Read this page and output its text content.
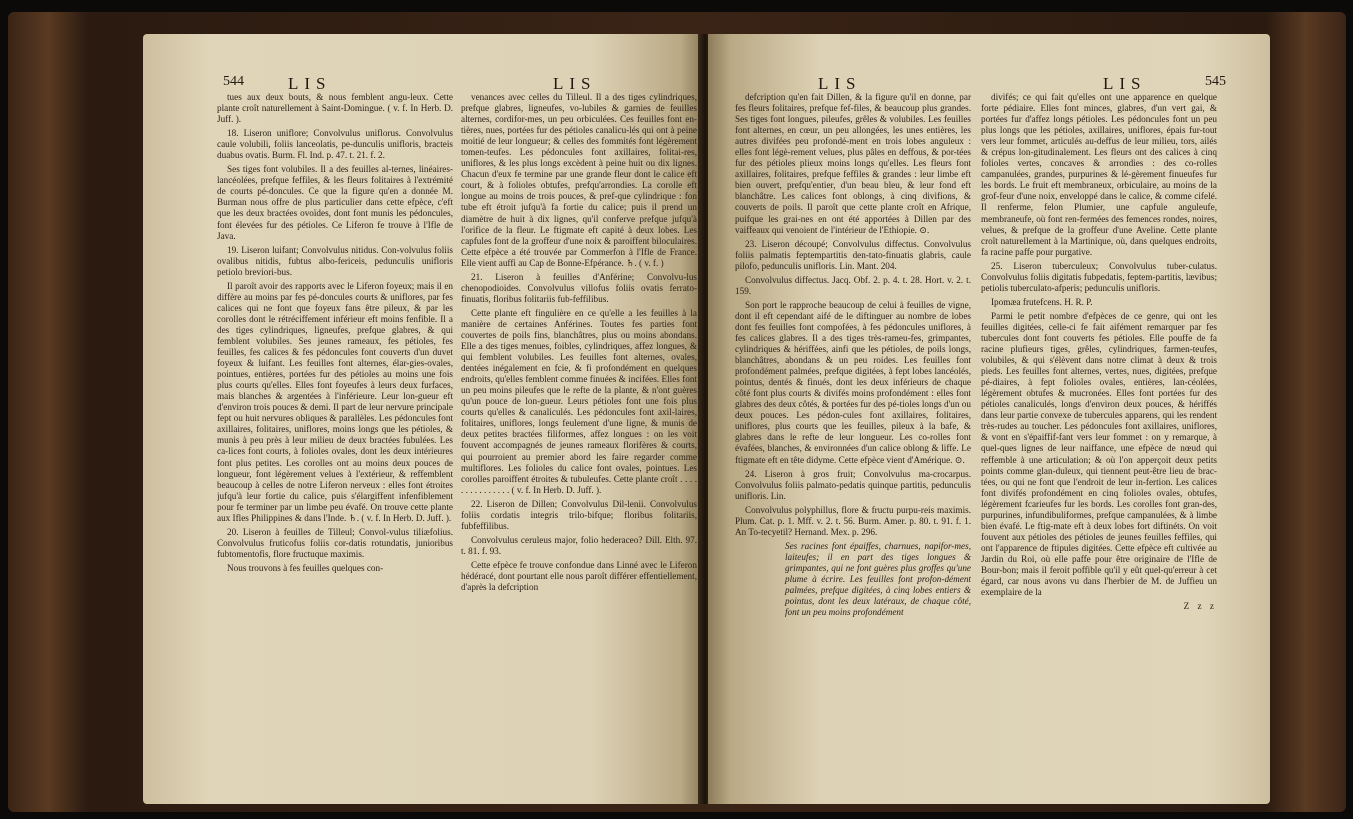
544	LIS	LIS

tues aux deux bouts, & nous femblent angu-leux. Cette plante croît naturellement à Saint-Domingue. ( v. f. In Herb. D. Juff. ).

18. Liseron uniflore; Convolvulus uniflorus. Convolvulus caule volubili, foliis lanceolatis, pe-dunculis unifloris, bracteis duabus ovatis. Burm. Fl. Ind. p. 47. t. 21. f. 2.

Ses tiges font volubiles. Il a des feuilles al-ternes, linéaires-lancéolées, prefque feffiles, & les fleurs folitaires à l'extrémité de courts pé-doncules. Ce que la figure qu'en a donnée M. Burman nous offre de plus particulier dans cette efpèce, c'eft que les deux bractées ovoïdes, dont font munis les pédoncules, font élevées fur des pétioles. Ce Liferon fe trouve à l'Ifle de Java.

19. Liseron luifant; Convolvulus nitidus. Con-volvulus foliis ovalibus nitidis, fubtus albo-fericeis, pedunculis unifloris petiolo breviori-bus.

Il paroît avoir des rapports avec le Liferon foyeux; mais il en diffère au moins par fes pé-doncules courts & uniflores, par fes calices qui ne font que foyeux fans être pileux, & par les corolles dont le rétréciffement inférieur eft moins fenfible. Il a des tiges cylindriques, ligneufes, prefque glabres, & qui femblent volubiles. Ses jeunes rameaux, fes pétioles, fes feuilles, fes calices & fes pédoncules font couverts d'un duvet foyeux & luifant. Les feuilles font alternes, élar-gies-ovales, pointues, entières, portées fur des pétioles au moins une fois plus courts qu'elles. Elles font foyeufes à leurs deux furfaces, mais blanches & argentées à l'inférieure. Leur lon-gueur eft d'environ trois pouces & demi. Il part de leur nervure principale fept ou huit nervures obliques & parallèles. Les pédoncules font axillaires, folitaires, uniflores, moins longs que les pétioles, & munis à peu près à leur milieu de deux bractées fubulées. Les ca-lices font courts, à folioles ovales, dont les deux intérieures font plus petites. Les corolles ont au moins deux pouces de longueur, font légèrement velues à l'extérieur, & reffemblent beaucoup à celles de notre Liferon nerveux : elles font étroites jufqu'à leur fortie du calice, puis s'élargiffent infenfiblement pour fe terminer par un limbe peu évafé. On trouve cette plante aux Ifles Philippines & dans l'Inde. ♄. ( v. f. In Herb. D. Juff. ).

20. Liseron à feuilles de Tilleul; Convol-vulus tiliæfolius. Convolvulus fruticofus foliis cor-datis rotundatis, junioribus fubtomentofis, flore fructuque maximis.

Nous trouvons à fes feuilles quelques con-

venances avec celles du Tilleul. Il a des tiges cylindriques, prefque glabres, ligneufes, vo-lubiles & garnies de feuilles alternes, cordifor-mes, un peu orbiculées. Ces feuilles font en-tières, nues, portées fur des pétioles canalicu-lés qui ont à peine moitié de leur longueur; & celles des fommités font légèrement tomen-teufes. Les pédoncules font axillaires, folitai-res, uniflores, & les plus longs excèdent à peine huit ou dix lignes. Chacun d'eux fe termine par une grande fleur dont le calice eft court, & à folioles obtufes, prefqu'arrondies. La corolle eft longue au moins de trois pouces, & pref-que cylindrique : fon tube eft étroit jufqu'à fa fortie du calice; puis il prend un diamètre de huit à dix lignes, qu'il conferve prefque jufqu'à l'orifice de la fleur. Le ftigmate eft capité à deux lobes. Les capfules font de la groffeur d'une noix & paroiffent biloculaires. Cette efpèce a été trouvée par Commerfon à l'Ifle de France. Elle vient auffi au Cap de Bonne-Efpérance. ♄. ( v. f. )

21. Liseron à feuilles d'Anférine; Convolvu-lus chenopodioides. Convolvulus villofus foliis ovatis ferrato-finuatis, floribus folitariis fub-feffilibus.

Cette plante eft fingulière en ce qu'elle a les feuilles à la manière de certaines Anférines. Toutes fes parties font couvertes de poils fins, blanchâtres, plus ou moins abondans. Elle a des tiges menues, foibles, cylindriques, affez longues, & qui femblent volubiles. Les feuilles font alternes, ovales, dentées inégalement en fcie, & fi profondément en quelques endroits, qu'elles femblent comme finuées & incifées. Elles font un peu moins pileufes que le refte de la plante, & n'ont guères qu'un pouce de lon-gueur. Leurs pétioles font une fois plus courts qu'elles & canaliculés. Les pédoncules font axil-laires, folitaires, uniflores, longs feulement d'une ligne, & munis de deux petites bractées filiformes, affez longues : on les voit fouvent accompagnés de jeunes rameaux florifères & courts, qui pourroient au premier abord les faire regarder comme multiflores. Les folioles du calice font ovales, pointues. Les corolles paroiffent étroites & tubuleufes. Cette plante croît . . . . . . . . . . . . . . . ( v. f. In Herb. D. Juff. ).

22. Liseron de Dillen; Convolvulus Dil-lenii. Convolvulus foliis cordatis integris trilo-bifque; floribus folitariis, fubfeffilibus.

Convolvulus ceruleus major, folio hederaceo? Dill. Elth. 97. t. 81. f. 93.

Cette efpèce fe trouve confondue dans Linné avec le Liferon hédéracé, dont pourtant elle nous paroît différer effentiellement, d'après la defcription

LIS	LIS	545

defcription qu'en fait Dillen, & la figure qu'il en donne, par fes fleurs folitaires, prefque fef-files, & beaucoup plus grandes. Ses tiges font longues, pileufes, grêles & volubiles. Les feuilles font alternes, en cœur, un peu allongées, les unes entières, les autres divifées peu profondé-ment en trois lobes anguleux : elles font légè-rement velues, plus pâles en deffous, & por-tées fur des pétioles plieux moins longs qu'elles. Les fleurs font axillaires, folitaires, prefque feffiles & grandes : leur limbe eft bien ouvert, prefqu'entier, d'un beau bleu, & leur fond eft blanchâtre. Les calices font oblongs, à cinq divifions, & couverts de poils. Il paroît que cette plante croît en Afrique, puifque les grai-nes en ont été apportées à Dillen par des vaiffeaux qui venoient de l'intérieur de l'Ethiopie. ⊙.

23. Liseron découpé; Convolvulus diffectus. Convolvulus foliis palmatis feptempartitis den-tato-finuatis glabris, caule pilofo, pedunculis unifloris. Lin. Mant. 204.

Convolvulus diffectus. Jacq. Obf. 2. p. 4. t. 28. Hort. v. 2. t. 159.

Son port le rapproche beaucoup de celui à feuilles de vigne, dont il eft cependant aifé de le diftinguer au nombre de lobes dont fes feuilles font compofées, à fes pédoncules uniflores, à fes calices glabres. Il a des tiges très-rameu-fes, grimpantes, cylindriques & hériffées, ainfi que les pétioles, de poils longs, blanchâtres, abondans & un peu roides. Les feuilles font profondément palmées, prefque digitées, à fept lobes lancéolés, pointus, dentés & finués, dont les deux inférieurs de chaque côté font plus courts & divifés moins profondément : elles font glabres des deux côtés, & portées fur des pé-tioles longs d'un ou deux pouces. Les pédon-cules font axillaires, folitaires, uniflores, plus courts que les feuilles, pileux à la bafe, & glabres dans le refte de leur longueur. Les co-rolles font évafées, blanches, & environnées d'un calice oblong & liffe. Le ftigmate eft en tête didyme. Cette efpèce vient d'Amérique. ⊙.

24. Liseron à gros fruit; Convolvulus ma-crocarpus. Convolvulus foliis palmato-pedatis quinque partitis, pedunculis unifloris. Lin.

Convolvulus polyphillus, flore & fructu purpu-reis maximis. Plum. Cat. p. 1. Mff. v. 2. t. 56. Burm. Amer. p. 80. t. 91. f. 1. An To-tecyetil? Hernand. Mex. p. 296.

Ses racines font épaiffes, charnues, napifor-mes, laiteufes; il en part des tiges longues & grimpantes, qui ne font guères plus groffes qu'une plume à écrire. Les feuilles font profon-dément palmées, prefque digitées, à cinq lobes entiers & pointus, dont les deux latéraux, de chaque côté, font un peu moins profondément

divifés; ce qui fait qu'elles ont une apparence en quelque forte pédiaire. Elles font minces, glabres, d'un vert gai, & portées fur d'affez longs pétioles. Les pédoncules font un peu plus longs que les pétioles, axillaires, uniflores, épais fur-tout vers leur fommet, articulés au-deffus de leur milieu, tors, ailés & crépus lon-gitudinalement. Les fleurs ont des calices à cinq folioles vertes, concaves & arrondies : des co-rolles campanulées, grandes, purpurines & lé-gèrement finueufes fur les bords. Le fruit eft membraneux, orbiculaire, au moins de la grof-feur d'une noix, enveloppé dans le calice, & comme cifelé. Il renferme, felon Plumier, une capfule anguleufe, membraneufe, où font ren-fermées des femences rondes, noires, velues, & prefque de la groffeur d'une Aveline. Cette plante croît naturellement à la Martinique, où, dans quelques endroits, fa racine paffe pour purgative.

25. Liseron tuberculeux; Convolvulus tuber-culatus. Convolvulus foliis digitatis fubpedatis, feptem-partitis, lævibus; petiolis tuberculato-afperis; pedunculis unifloris.

Ipomæa frutefcens. H. R. P.

Parmi le petit nombre d'efpèces de ce genre, qui ont les feuilles digitées, celle-ci fe fait aifément remarquer par fes tubercules dont font couverts fes pétioles. Elle pouffe de fa racine plufieurs tiges, grêles, cylindriques, farmen-teufes, volubiles, & qui s'élèvent dans notre climat à deux & trois pieds. Les feuilles font alternes, vertes, nues, digitées, prefque pé-diaires, à fept folioles ovales, entières, lan-céolées, légèrement obtufes & mucronées. Elles font portées fur des pétioles canaliculés, longs d'environ deux pouces, & hériffés dans leur partie convexe de tubercules apparens, qui les rendent très-rudes au toucher. Les pédoncules font axillaires, uniflores, & vont en s'épaiffif-fant vers leur fommet : on y remarque, à quel-ques lignes de leur naiffance, une efpèce de nœud qui reffemble à une articulation; & où l'on apperçoit deux petits points comme glan-duleux, qui tiennent peut-être lieu de brac-tées, ou qui ne font que l'endroit de leur in-fertion. Les calices font divifés profondément en cinq folioles ovales, obtufes, légèrement fcarieufes fur les bords. Les corolles font gran-des, purpurines, infundibuliformes, prefque campanulées, & à limbe bien évafé. Le ftig-mate eft à deux lobes fort diftinéts. On voit fouvent aux pétioles des pétioles de jeunes feuilles feffiles, qui ont l'apparence de ftipules digitées. Cette efpèce eft cultivée au Jardin du Roi, où elle paffe pour être originaire de l'Ifle de Bour-bon; mais il feroit poffible qu'il y eût quel-qu'erreur à cet égard, car nous avons vu dans l'herbier de M. de Juffieu un exemplaire de la

Z z z
